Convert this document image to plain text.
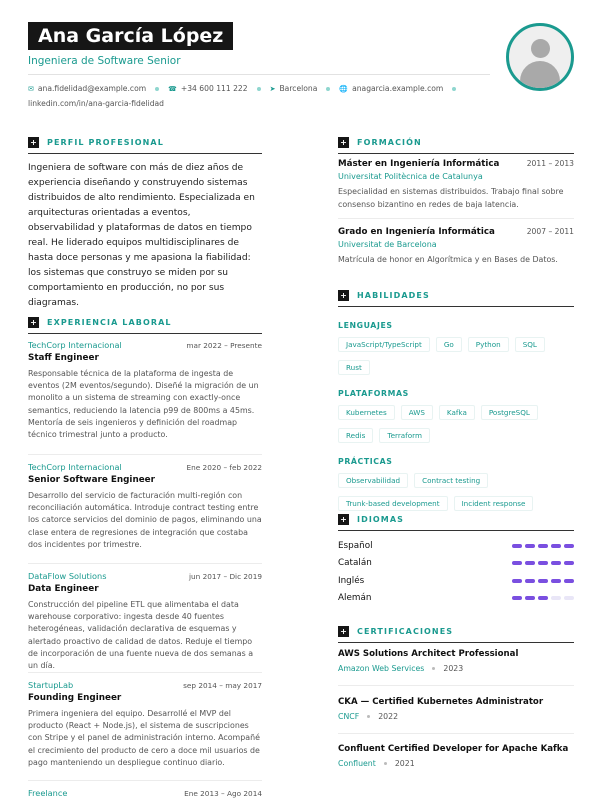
Ana García López
Ingeniera de Software Senior
✉ ana.fidelidad@example.com	☎ +34 600 111 222	➤ Barcelona	🌐 anagarcia.example.com
linkedin.com/in/ana-garcia-fidelidad
+ PERFIL PROFESIONAL
Ingeniera de software con más de diez años de experiencia diseñando y construyendo sistemas distribuidos de alto rendimiento. Especializada en arquitecturas orientadas a eventos, observabilidad y plataformas de datos en tiempo real. He liderado equipos multidisciplinares de hasta doce personas y me apasiona la fiabilidad: los sistemas que construyo se miden por su comportamiento en producción, no por sus diagramas.
+ EXPERIENCIA LABORAL
TechCorp Internacional	mar 2022 – Presente
Staff Engineer
Responsable técnica de la plataforma de ingesta de eventos (2M eventos/segundo). Diseñé la migración de un monolito a un sistema de streaming con exactly-once semantics, reduciendo la latencia p99 de 800ms a 45ms. Mentoría de seis ingenieros y definición del roadmap técnico trimestral junto a producto.
TechCorp Internacional	Ene 2020 – feb 2022
Senior Software Engineer
Desarrollo del servicio de facturación multi-región con reconciliación automática. Introduje contract testing entre los catorce servicios del dominio de pagos, eliminando una clase entera de regresiones de integración que costaba dos incidentes por trimestre.
DataFlow Solutions	jun 2017 – Dic 2019
Data Engineer
Construcción del pipeline ETL que alimentaba el data warehouse corporativo: ingesta desde 40 fuentes heterogéneas, validación declarativa de esquemas y alertado proactivo de calidad de datos. Reduje el tiempo de incorporación de una fuente nueva de dos semanas a un día.
StartupLab	sep 2014 – may 2017
Founding Engineer
Primera ingeniera del equipo. Desarrollé el MVP del producto (React + Node.js), el sistema de suscripciones con Stripe y el panel de administración interno. Acompañé el crecimiento del producto de cero a doce mil usuarios de pago manteniendo un despliegue continuo diario.
Freelance	Ene 2013 – Ago 2014
+ FORMACIÓN
Máster en Ingeniería Informática	2011 – 2013
Universitat Politècnica de Catalunya
Especialidad en sistemas distribuidos. Trabajo final sobre consenso bizantino en redes de baja latencia.
Grado en Ingeniería Informática	2007 – 2011
Universitat de Barcelona
Matrícula de honor en Algorítmica y en Bases de Datos.
+ HABILIDADES
LENGUAJES
JavaScript/TypeScript	Go	Python	SQL
Rust
PLATAFORMAS
Kubernetes	AWS	Kafka	PostgreSQL
Redis	Terraform
PRÁCTICAS
Observabilidad	Contract testing
Trunk-based development	Incident response
+ IDIOMAS
Español
Catalán
Inglés
Alemán
+ CERTIFICACIONES
AWS Solutions Architect Professional
Amazon Web Services 2023
CKA — Certified Kubernetes Administrator
CNCF 2022
Confluent Certified Developer for Apache Kafka
Confluent 2021
